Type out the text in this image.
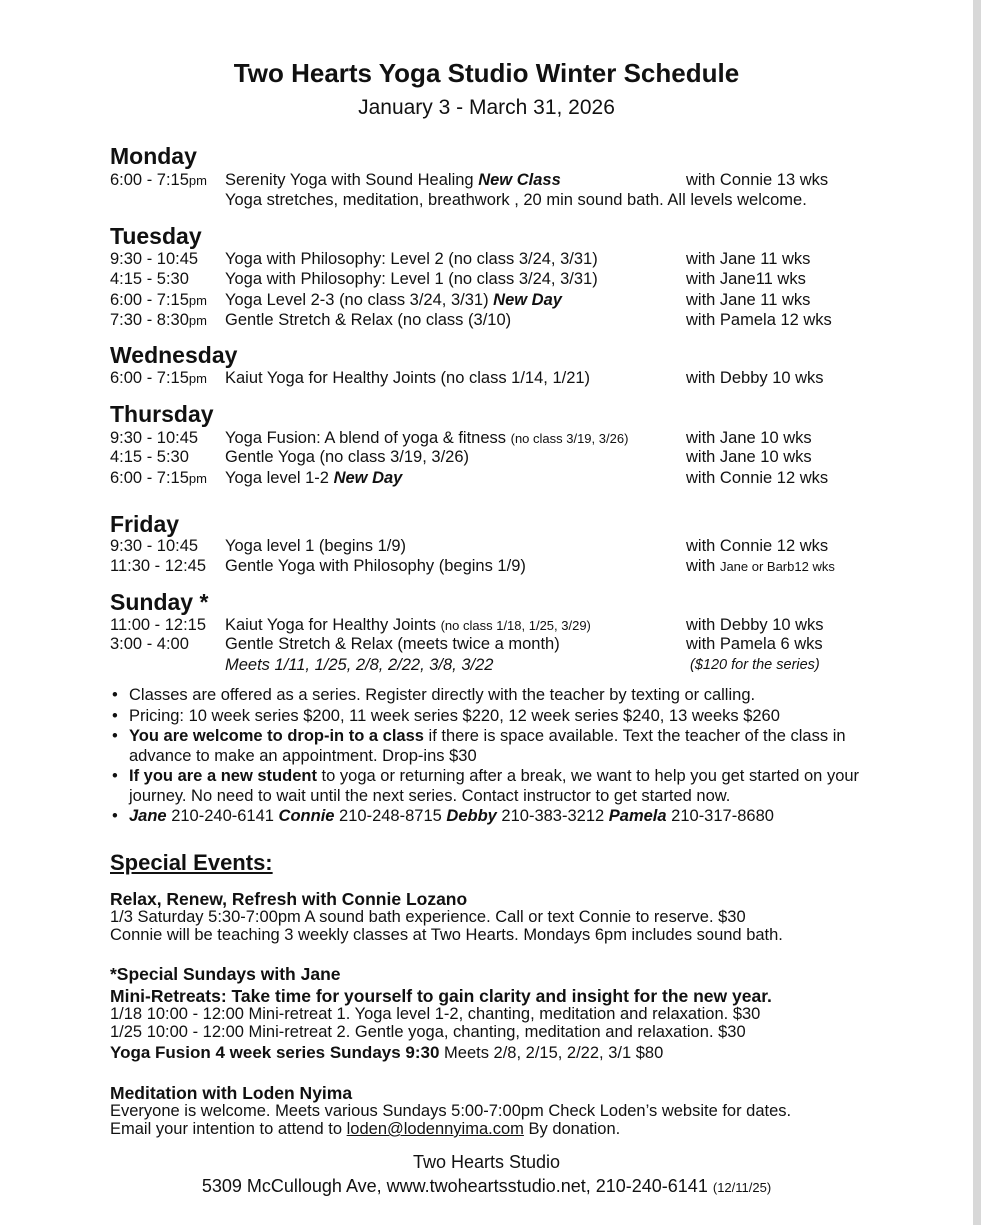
Two Hearts Yoga Studio Winter Schedule
January 3 - March 31, 2026
Monday
6:00 - 7:15pm Serenity Yoga with Sound Healing New Class	with Connie 13 wks
Yoga stretches, meditation, breathwork , 20 min sound bath. All levels welcome.
Tuesday
9:30 - 10:45 Yoga with Philosophy: Level 2 (no class 3/24, 3/31)	with Jane 11 wks
4:15 - 5:30 Yoga with Philosophy: Level 1 (no class 3/24, 3/31)	with Jane11 wks
6:00 - 7:15pm Yoga Level 2-3 (no class 3/24, 3/31) New Day	with Jane 11 wks
7:30 - 8:30pm Gentle Stretch & Relax (no class (3/10)	with Pamela 12 wks
Wednesday
6:00 - 7:15pm Kaiut Yoga for Healthy Joints (no class 1/14, 1/21)	with Debby 10 wks
Thursday
9:30 - 10:45 Yoga Fusion: A blend of yoga & fitness (no class 3/19, 3/26)	with Jane 10 wks
4:15 - 5:30 Gentle Yoga (no class 3/19, 3/26)	with Jane 10 wks
6:00 - 7:15pm Yoga level 1-2 New Day	with Connie 12 wks
Friday
9:30 - 10:45 Yoga level 1 (begins 1/9)	with Connie 12 wks
11:30 - 12:45 Gentle Yoga with Philosophy (begins 1/9)	with Jane or Barb12 wks
Sunday *
11:00 - 12:15 Kaiut Yoga for Healthy Joints (no class 1/18, 1/25, 3/29)	with Debby 10 wks
3:00 - 4:00 Gentle Stretch & Relax (meets twice a month)	with Pamela 6 wks
Meets 1/11, 1/25, 2/8, 2/22, 3/8, 3/22	($120 for the series)
• Classes are offered as a series. Register directly with the teacher by texting or calling.
• Pricing: 10 week series $200, 11 week series $220, 12 week series $240, 13 weeks $260
• You are welcome to drop-in to a class if there is space available. Text the teacher of the class in advance to make an appointment. Drop-ins $30
• If you are a new student to yoga or returning after a break, we want to help you get started on your journey. No need to wait until the next series. Contact instructor to get started now.
• Jane 210-240-6141 Connie 210-248-8715 Debby 210-383-3212 Pamela 210-317-8680
Special Events:
Relax, Renew, Refresh with Connie Lozano
1/3 Saturday 5:30-7:00pm A sound bath experience. Call or text Connie to reserve. $30
Connie will be teaching 3 weekly classes at Two Hearts. Mondays 6pm includes sound bath.
*Special Sundays with Jane
Mini-Retreats: Take time for yourself to gain clarity and insight for the new year.
1/18 10:00 - 12:00 Mini-retreat 1. Yoga level 1-2, chanting, meditation and relaxation. $30
1/25 10:00 - 12:00 Mini-retreat 2. Gentle yoga, chanting, meditation and relaxation. $30
Yoga Fusion 4 week series Sundays 9:30 Meets 2/8, 2/15, 2/22, 3/1 $80
Meditation with Loden Nyima
Everyone is welcome. Meets various Sundays 5:00-7:00pm Check Loden’s website for dates.
Email your intention to attend to loden@lodennyima.com By donation.
Two Hearts Studio
5309 McCullough Ave, www.twoheartsstudio.net, 210-240-6141 (12/11/25)
